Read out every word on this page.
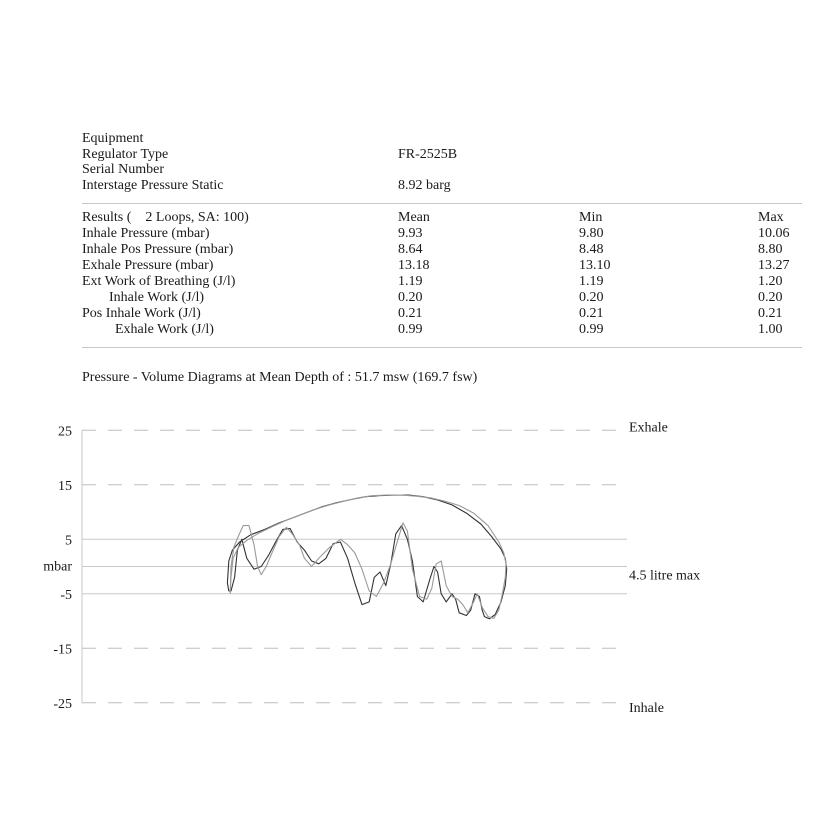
Equipment
Regulator Type	FR-2525B
Serial Number
Interstage Pressure Static	8.92 barg
Results (    2 Loops, SA: 100)	Mean	Min	Max
Inhale Pressure (mbar)	9.93	9.80	10.06
Inhale Pos Pressure (mbar)	8.64	8.48	8.80
Exhale Pressure (mbar)	13.18	13.10	13.27
Ext Work of Breathing (J/l)	1.19	1.19	1.20
Inhale Work (J/l)	0.20	0.20	0.20
Pos Inhale Work (J/l)	0.21	0.21	0.21
Exhale Work (J/l)	0.99	0.99	1.00
Pressure - Volume Diagrams at Mean Depth of : 51.7 msw (169.7 fsw)
25
15
5
-5
-15
-25
mbar
Exhale
4.5 litre max
Inhale
